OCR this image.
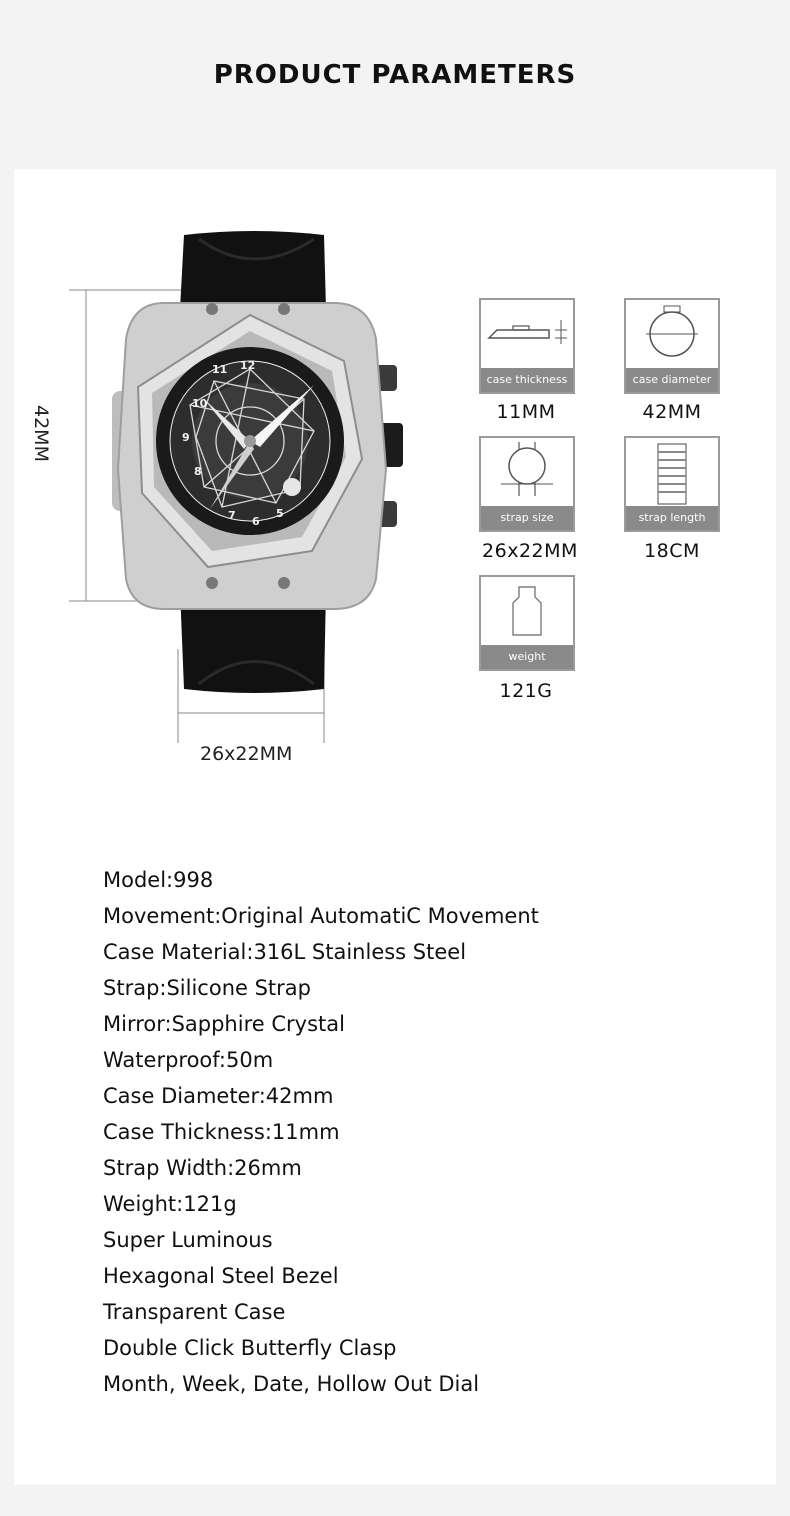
PRODUCT PARAMETERS
11 12
10
9
8
5
6
7
42MM
26x22MM
case thickness	case diameter
11MM	42MM
strap size	strap length
26x22MM	18CM
weight
121G
Model:998
Movement:Original AutomatiC Movement
Case Material:316L Stainless Steel
Strap:Silicone Strap
Mirror:Sapphire Crystal
Waterproof:50m
Case Diameter:42mm
Case Thickness:11mm
Strap Width:26mm
Weight:121g
Super Luminous
Hexagonal Steel Bezel
Transparent Case
Double Click Butterfly Clasp
Month, Week, Date, Hollow Out Dial
